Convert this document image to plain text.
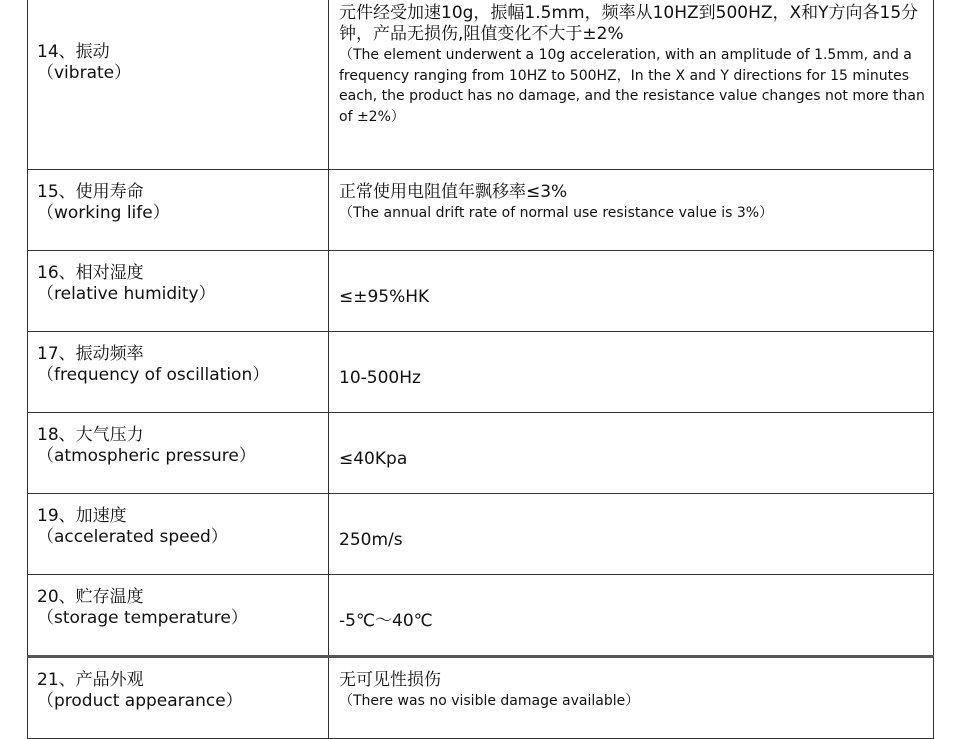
14、振动
（vibrate）	元件经受加速10g，振幅1.5mm，频率从10HZ到500HZ，X和Y方向各15分钟，产品无损伤,阻值变化不大于±2%
（The element underwent a 10g acceleration, with an amplitude of 1.5mm, and a frequency ranging from 10HZ to 500HZ，In the X and Y directions for 15 minutes each, the product has no damage, and the resistance value changes not more than of ±2%）

15、使用寿命
（working life）	正常使用电阻值年飘移率≤3%
（The annual drift rate of normal use resistance value is 3%）

16、相对湿度
（relative humidity）	≤±95%HK

17、振动频率
（frequency of oscillation）	10-500Hz

18、大气压力
（atmospheric pressure）	≤40Kpa

19、加速度
（accelerated speed）	250m/s

20、贮存温度
（storage temperature）	-5℃～40℃

21、产品外观
（product appearance）	无可见性损伤
（There was no visible damage available）
